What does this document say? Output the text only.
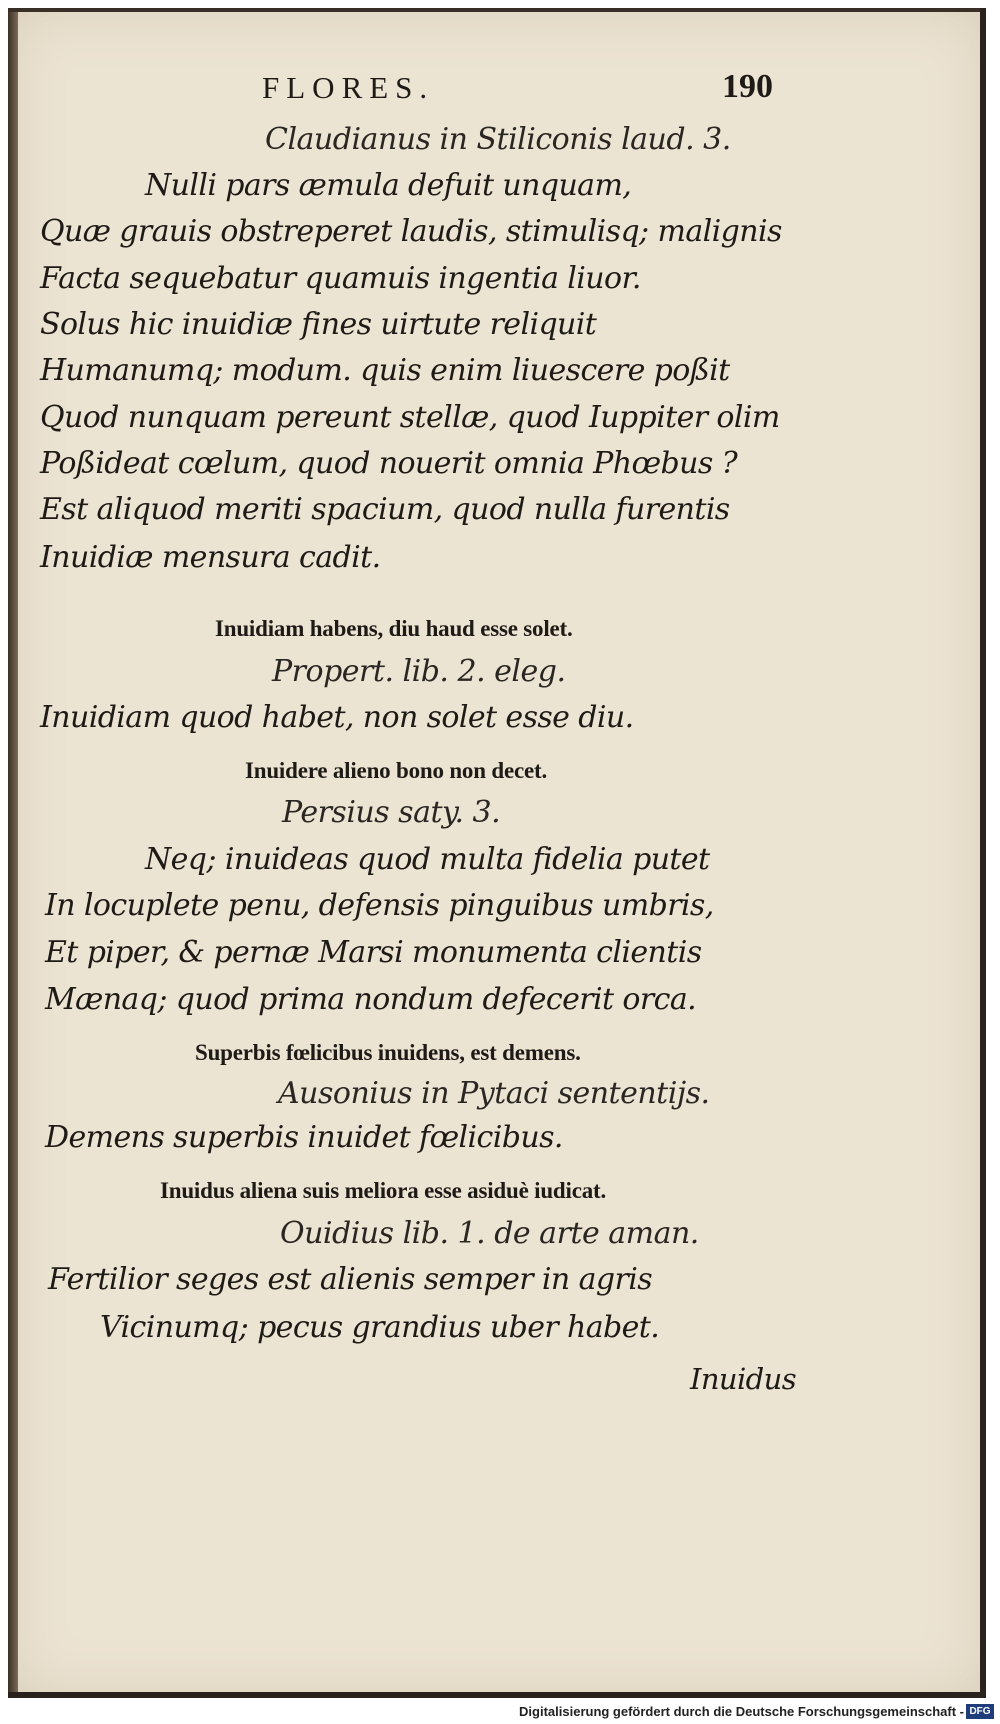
FLORES.	190
Claudianus in Stiliconis laud. 3.
Nulli pars æmula defuit unquam,
Quæ grauis obstreperet laudis, stimulisq; malignis
Facta sequebatur quamuis ingentia liuor.
Solus hic inuidiæ fines uirtute reliquit
Humanumq; modum. quis enim liuescere poßit
Quod nunquam pereunt stellæ, quod Iuppiter olim
Poßideat cœlum, quod nouerit omnia Phœbus ?
Est aliquod meriti spacium, quod nulla furentis
Inuidiæ mensura cadit.
Inuidiam habens, diu haud esse solet.
Propert. lib. 2. eleg.
Inuidiam quod habet, non solet esse diu.
Inuidere alieno bono non decet.
Persius saty. 3.
Neq; inuideas quod multa fidelia putet
In locuplete penu, defensis pinguibus umbris,
Et piper, & pernæ Marsi monumenta clientis
Mænaq; quod prima nondum defecerit orca.
Superbis fœlicibus inuidens, est demens.
Ausonius in Pytaci sententijs.
Demens superbis inuidet fœlicibus.
Inuidus aliena suis meliora esse asiduè iudicat.
Ouidius lib. 1. de arte aman.
Fertilior seges est alienis semper in agris
Vicinumq; pecus grandius uber habet.
Inuidus
Digitalisierung gefördert durch die Deutsche Forschungsgemeinschaft - DFG
